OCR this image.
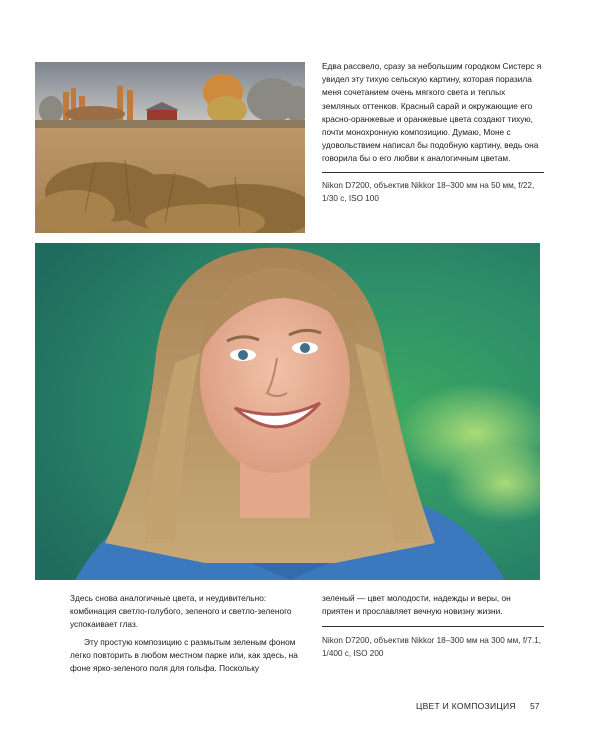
Едва рассвело, сразу за небольшим городком Систерс я увидел эту тихую сельскую картину, которая поразила меня сочетанием очень мягкого света и теплых земляных оттенков. Красный сарай и окружающие его красно-оранжевые и оранжевые цвета создают тихую, почти монохронную композицию. Думаю, Моне с удовольствием написал бы подобную картину, ведь она говорила бы о его любви к аналогичным цветам.
Nikon D7200, объектив Nikkor 18–300 мм на 50 мм, f/22, 1/30 с, ISO 100

Здесь снова аналогичные цвета, и неудивительно: комбинация светло-голубого, зеленого и светло-зеленого успокаивает глаз.

Эту простую композицию с размытым зеленым фоном легко повторить в любом местном парке или, как здесь, на фоне ярко-зеленого поля для гольфа. Поскольку

зеленый — цвет молодости, надежды и веры, он приятен и прославляет вечную новизну жизни.
Nikon D7200, объектив Nikkor 18–300 мм на 300 мм, f/7.1, 1/400 с, ISO 200
ЦВЕТ И КОМПОЗИЦИЯ 57
